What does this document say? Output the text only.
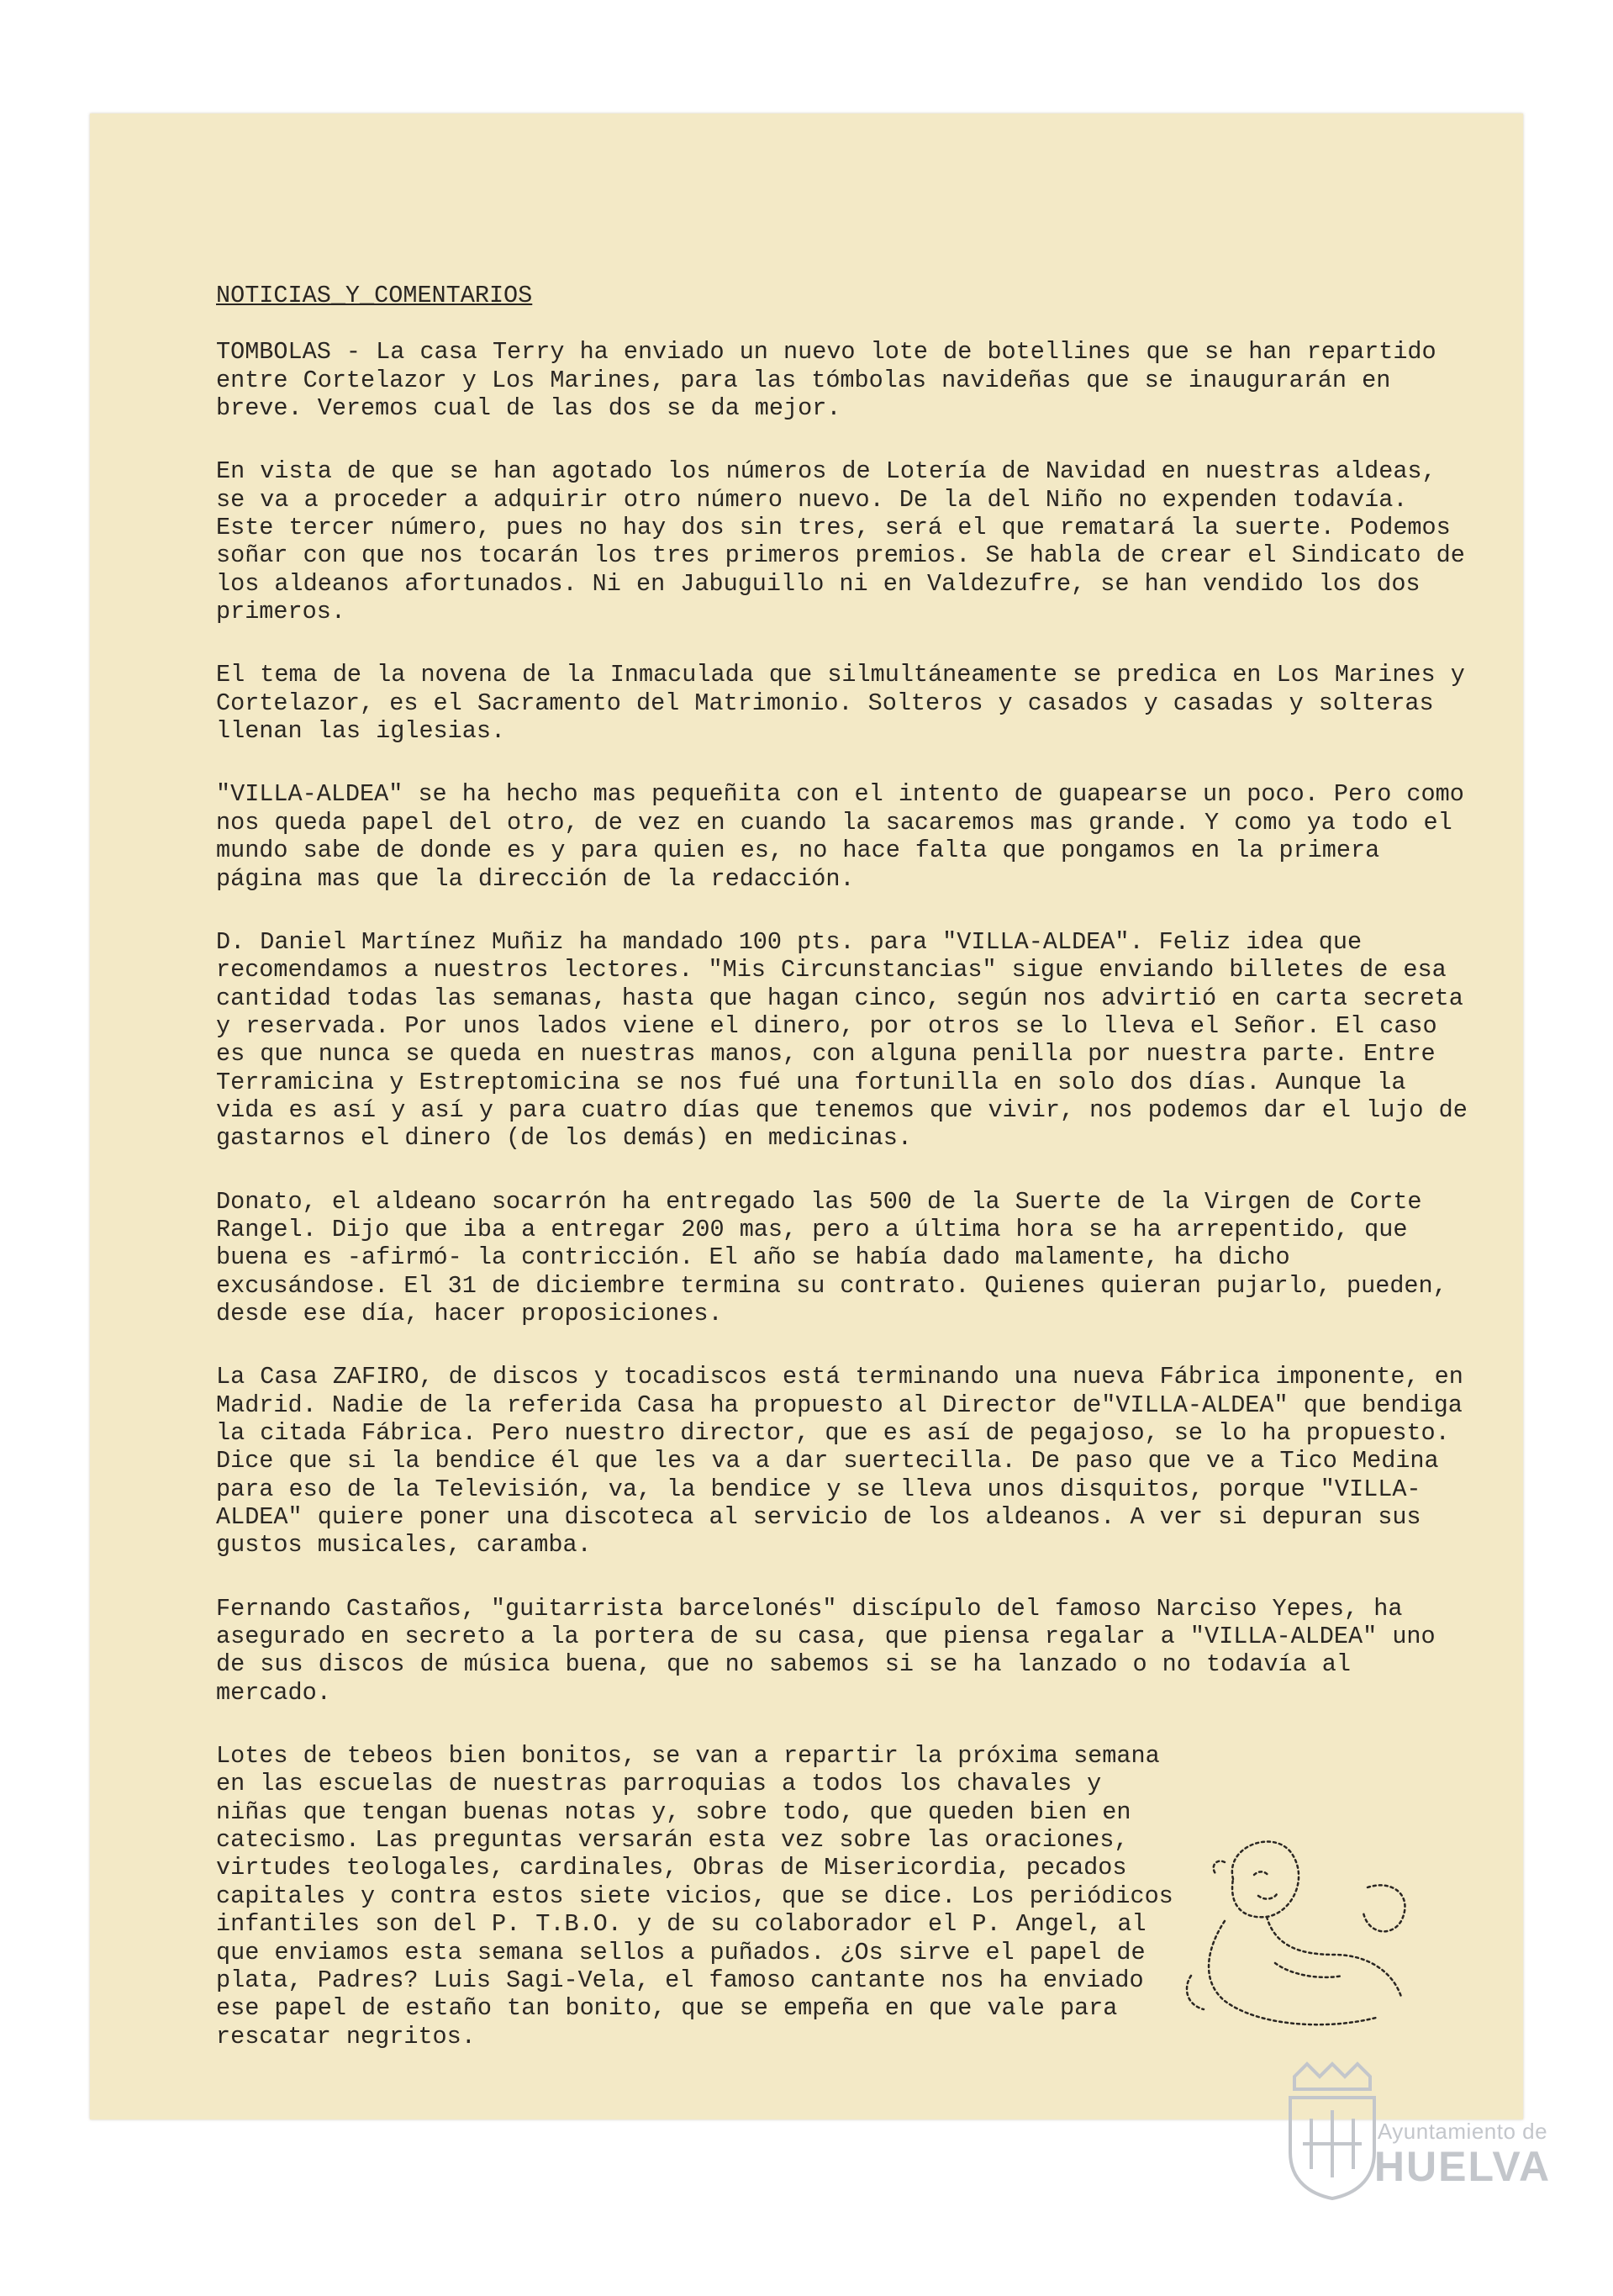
NOTICIAS_Y_COMENTARIOS

TOMBOLAS - La casa Terry ha enviado un nuevo lote de botellines que se han repartido entre Cortelazor y Los Marines, para las tómbolas navideñas que se inaugurarán en breve. Veremos cual de las dos se da mejor.

En vista de que se han agotado los números de Lotería de Navidad en nuestras aldeas, se va a proceder a adquirir otro número nuevo. De la del Niño no expenden todavía. Este tercer número, pues no hay dos sin tres, será el que rematará la suerte. Podemos soñar con que nos tocarán los tres primeros premios. Se habla de crear el Sindicato de los aldeanos afortunados. Ni en Jabuguillo ni en Valdezufre, se han vendido los dos primeros.

El tema de la novena de la Inmaculada que silmultáneamente se predica en Los Marines y Cortelazor, es el Sacramento del Matrimonio. Solteros y casados y casadas y solteras llenan las iglesias.

"VILLA-ALDEA" se ha hecho mas pequeñita con el intento de guapearse un poco. Pero como nos queda papel del otro, de vez en cuando la sacaremos mas grande. Y como ya todo el mundo sabe de donde es y para quien es, no hace falta que pongamos en la primera página mas que la dirección de la redacción.

D. Daniel Martínez Muñiz ha mandado 100 pts. para "VILLA-ALDEA". Feliz idea que recomendamos a nuestros lectores. "Mis Circunstancias" sigue enviando billetes de esa cantidad todas las semanas, hasta que hagan cinco, según nos advirtió en carta secreta y reservada. Por unos lados viene el dinero, por otros se lo lleva el Señor. El caso es que nunca se queda en nuestras manos, con alguna penilla por nuestra parte. Entre Terramicina y Estreptomicina se nos fué una fortunilla en solo dos días. Aunque la vida es así y así y para cuatro días que tenemos que vivir, nos podemos dar el lujo de gastarnos el dinero (de los demás) en medicinas.

Donato, el aldeano socarrón ha entregado las 500 de la Suerte de la Virgen de Corte Rangel. Dijo que iba a entregar 200 mas, pero a última hora se ha arrepentido, que buena es -afirmó- la contricción. El año se había dado malamente, ha dicho excusándose. El 31 de diciembre termina su contrato. Quienes quieran pujarlo, pueden, desde ese día, hacer proposiciones.

La Casa ZAFIRO, de discos y tocadiscos está terminando una nueva Fábrica imponente, en Madrid. Nadie de la referida Casa ha propuesto al Director de"VILLA-ALDEA" que bendiga la citada Fábrica. Pero nuestro director, que es así de pegajoso, se lo ha propuesto. Dice que si la bendice él que les va a dar suertecilla. De paso que ve a Tico Medina para eso de la Televisión, va, la bendice y se lleva unos disquitos, porque "VILLA-ALDEA" quiere poner una discoteca al servicio de los aldeanos. A ver si depuran sus gustos musicales, caramba.

Fernando Castaños, "guitarrista barcelonés" discípulo del famoso Narciso Yepes, ha asegurado en secreto a la portera de su casa, que piensa regalar a "VILLA-ALDEA" uno de sus discos de música buena, que no sabemos si se ha lanzado o no todavía al mercado.

Lotes de tebeos bien bonitos, se van a repartir la próxima semana en las escuelas de nuestras parroquias a todos los chavales y niñas que tengan buenas notas y, sobre todo, que queden bien en catecismo. Las preguntas versarán esta vez sobre las oraciones, virtudes teologales, cardinales, Obras de Misericordia, pecados capitales y contra estos siete vicios, que se dice. Los periódicos infantiles son del P. T.B.O. y de su colaborador el P. Angel, al que enviamos esta semana sellos a puñados. ¿Os sirve el papel de plata, Padres? Luis Sagi-Vela, el famoso cantante nos ha enviado ese papel de estaño tan bonito, que se empeña en que vale para rescatar negritos.

Ayuntamiento de
HUELVA
